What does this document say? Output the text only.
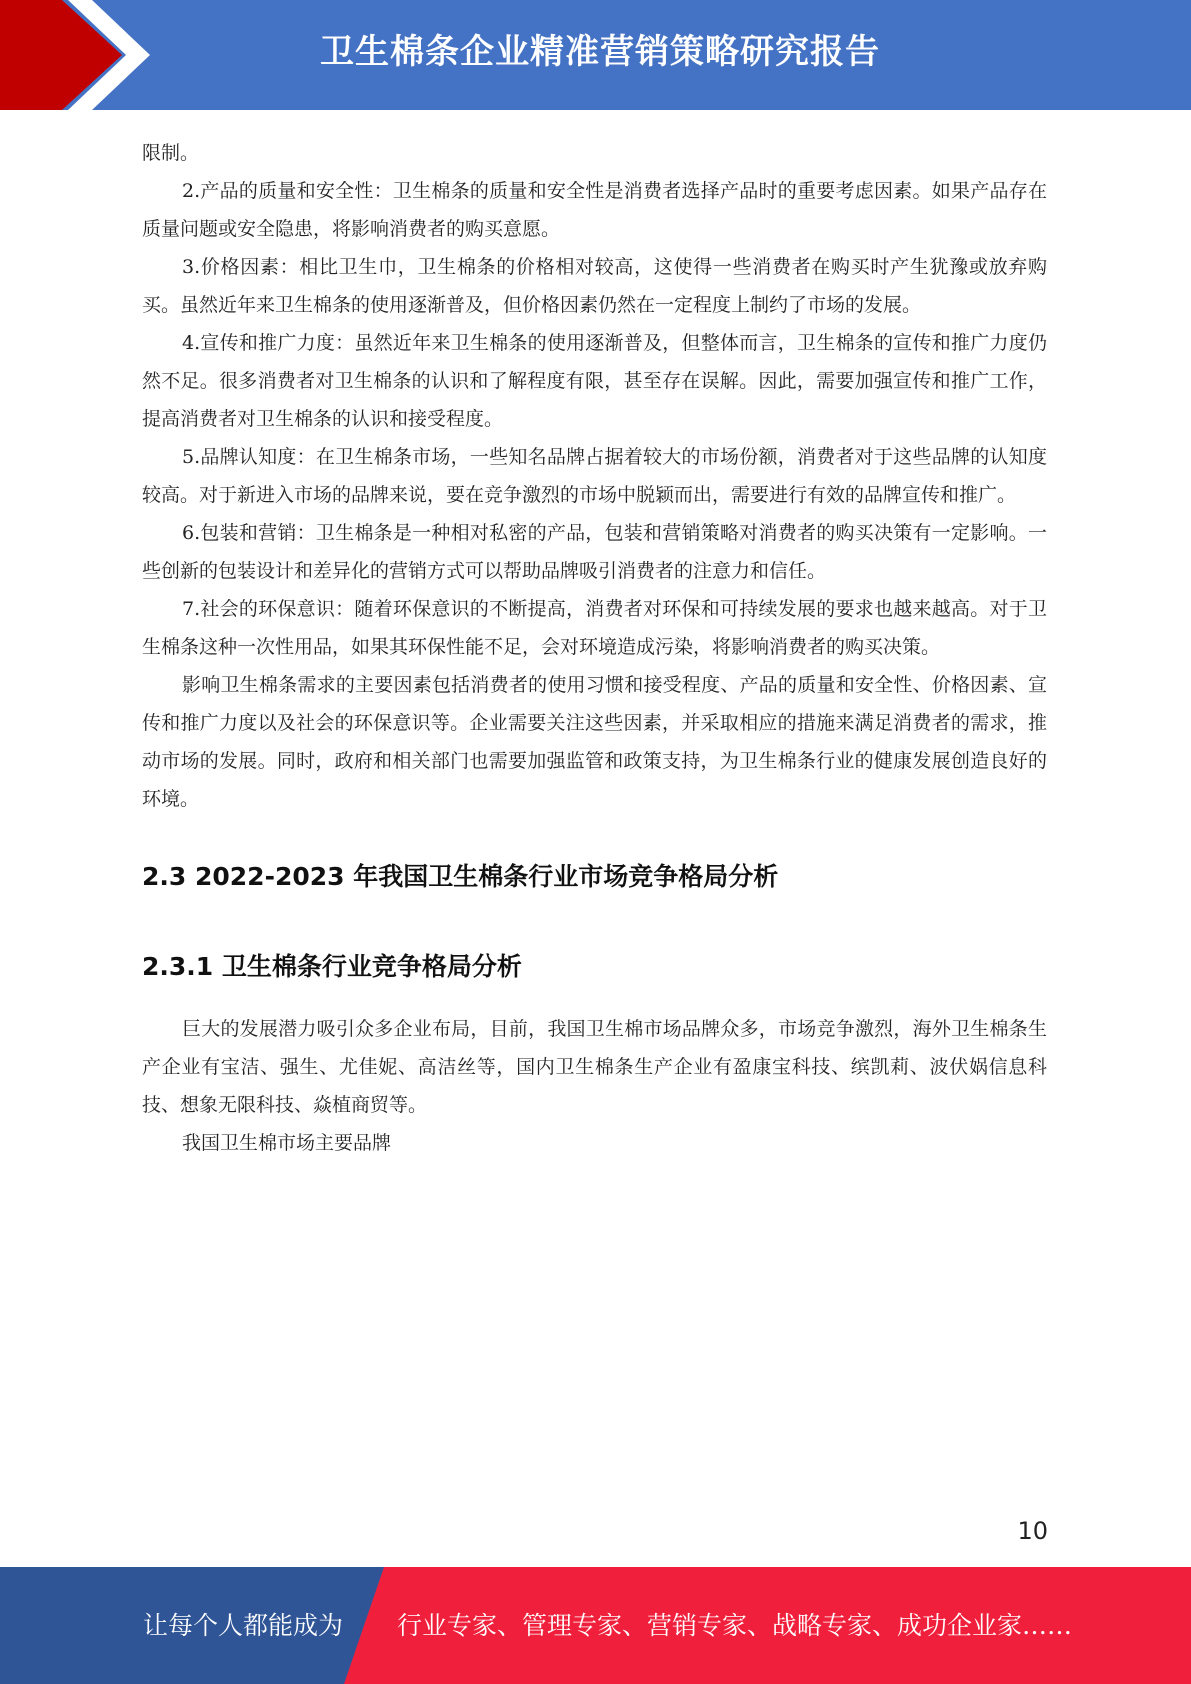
卫生棉条企业精准营销策略研究报告

限制。

2.产品的质量和安全性：卫生棉条的质量和安全性是消费者选择产品时的重要考虑因素。如果产品存在质量问题或安全隐患，将影响消费者的购买意愿。

3.价格因素：相比卫生巾，卫生棉条的价格相对较高，这使得一些消费者在购买时产生犹豫或放弃购买。虽然近年来卫生棉条的使用逐渐普及，但价格因素仍然在一定程度上制约了市场的发展。

4.宣传和推广力度：虽然近年来卫生棉条的使用逐渐普及，但整体而言，卫生棉条的宣传和推广力度仍然不足。很多消费者对卫生棉条的认识和了解程度有限，甚至存在误解。因此，需要加强宣传和推广工作，提高消费者对卫生棉条的认识和接受程度。

5.品牌认知度：在卫生棉条市场，一些知名品牌占据着较大的市场份额，消费者对于这些品牌的认知度较高。对于新进入市场的品牌来说，要在竞争激烈的市场中脱颖而出，需要进行有效的品牌宣传和推广。

6.包装和营销：卫生棉条是一种相对私密的产品，包装和营销策略对消费者的购买决策有一定影响。一些创新的包装设计和差异化的营销方式可以帮助品牌吸引消费者的注意力和信任。

7.社会的环保意识：随着环保意识的不断提高，消费者对环保和可持续发展的要求也越来越高。对于卫生棉条这种一次性用品，如果其环保性能不足，会对环境造成污染，将影响消费者的购买决策。

影响卫生棉条需求的主要因素包括消费者的使用习惯和接受程度、产品的质量和安全性、价格因素、宣传和推广力度以及社会的环保意识等。企业需要关注这些因素，并采取相应的措施来满足消费者的需求，推动市场的发展。同时，政府和相关部门也需要加强监管和政策支持，为卫生棉条行业的健康发展创造良好的环境。

2.3 2022-2023 年我国卫生棉条行业市场竞争格局分析
2.3.1 卫生棉条行业竞争格局分析

巨大的发展潜力吸引众多企业布局，目前，我国卫生棉市场品牌众多，市场竞争激烈，海外卫生棉条生产企业有宝洁、强生、尤佳妮、高洁丝等，国内卫生棉条生产企业有盈康宝科技、缤凯莉、波伏娲信息科技、想象无限科技、焱植商贸等。

我国卫生棉市场主要品牌

10
让每个人都能成为 行业专家、管理专家、营销专家、战略专家、成功企业家……
